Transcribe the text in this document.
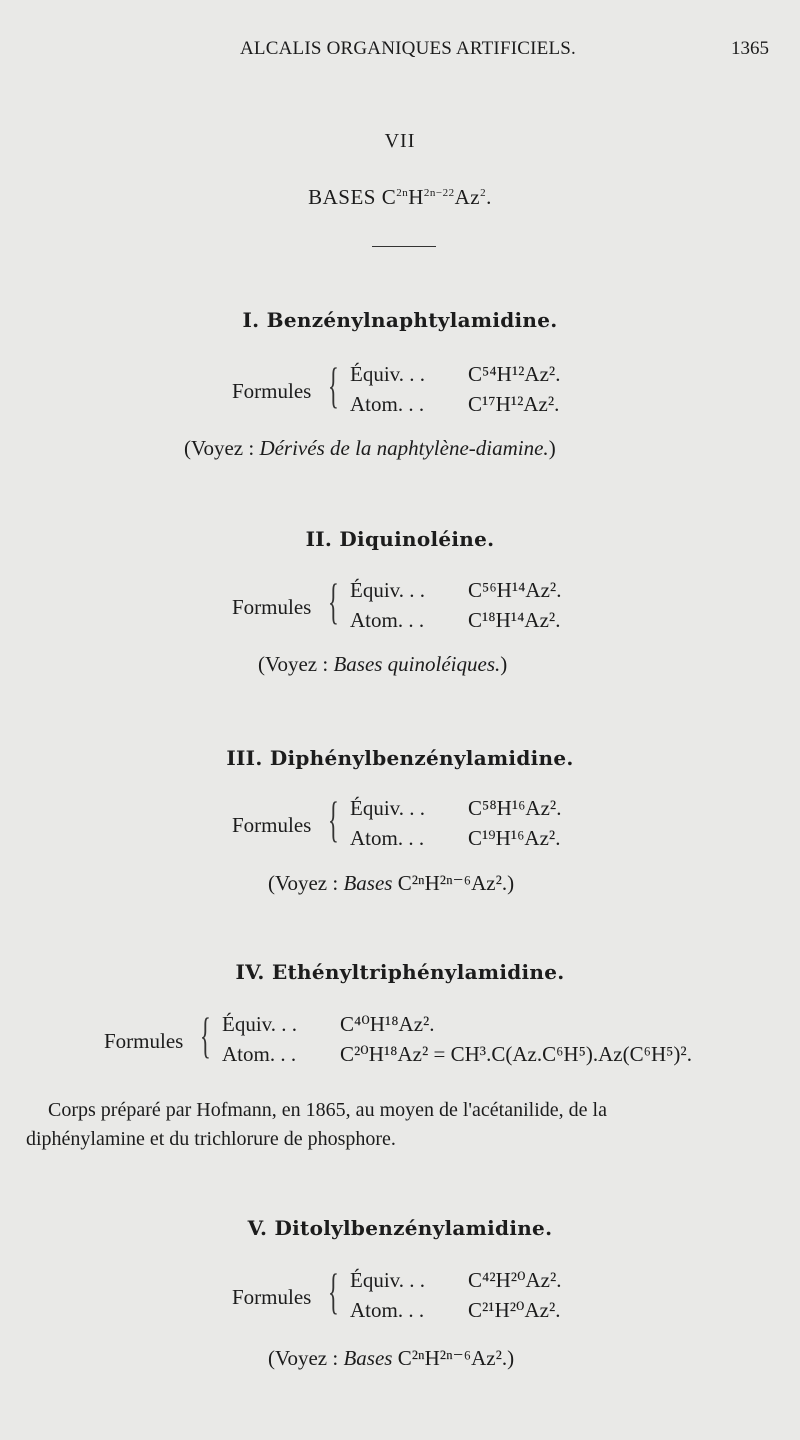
ALCALIS ORGANIQUES ARTIFICIELS.	1365
VII
BASES $C^{2n}H^{2n-22}Az^2$.
I. Benzénylnaphtylamidine.
Formules { Équiv. . . C⁵⁴H¹²Az².
Atom. . . C¹⁷H¹²Az².
(Voyez : Dérivés de la naphtylène-diamine.)
II. Diquinoléine.
Formules { Équiv. . . C⁵⁶H¹⁴Az².
Atom. . . C¹⁸H¹⁴Az².
(Voyez : Bases quinoléiques.)
III. Diphénylbenzénylamidine.
Formules { Équiv. . . C⁵⁸H¹⁶Az².
Atom. . . C¹⁹H¹⁶Az².
(Voyez : Bases C²ⁿH²ⁿ⁻⁶Az².)
IV. Ethényltriphénylamidine.
Formules { Équiv. . . C⁴⁰H¹⁸Az².
Atom. . . C²⁰H¹⁸Az² = CH³.C(Az.C⁶H⁵).Az(C⁶H⁵)².
Corps préparé par Hofmann, en 1865, au moyen de l'acétanilide, de la
diphénylamine et du trichlorure de phosphore.
V. Ditolylbenzénylamidine.
Formules { Équiv. . . C⁴²H²⁰Az².
Atom. . . C²¹H²⁰Az².
(Voyez : Bases C²ⁿH²ⁿ⁻⁶Az².)
